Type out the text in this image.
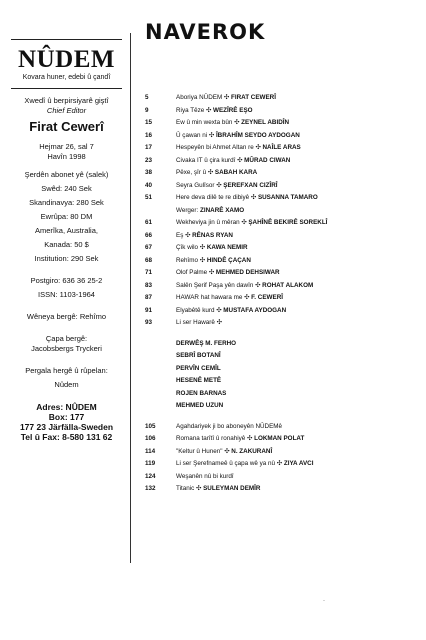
NAVEROK
NÛDEM
Kovara huner, edebi û çandî
Xwedî û berpirsiyarê giştî
Chief Editor
Firat Cewerî
Hejmar 26, sal 7
Havîn 1998
Şerdên abonet yê (salek)
Swêd: 240 Sek
Skandinavya: 280 Sek
Ewrûpa: 80 DM
Amerîka, Australia,
Kanada: 50 $
Institution: 290 Sek
Postgiro: 636 36 25-2
ISSN: 1103-1964
Wêneya bergê: Rehîmo
Çapa bergê:
Jacobsbergs Tryckeri
Pergala hergê û rûpelan:
Nûdem
Adres: NÛDEM
Box: 177
177 23 Järfälla-Sweden
Tel û Fax: 8-580 131 62
5	Aboriya NÛDEM ✣ FIRAT CEWERÎ
9	Riya Têze ✣ WEZÎRÊ EŞO
15	Ew û min wexta bûn ✣ ZEYNEL ABIDÎN
16	Û çawan ni ✣ ÎBRAHÎM SEYDO AYDOGAN
17	Hespeyên bi Ahmet Altan re ✣ NAÎLE ARAS
23	Civaka IT û çira kurdî ✣ MÛRAD CIWAN
38	Pêxe, şîr û ✣ SABAH KARA
40	Seyra Gulîsor ✣ ŞEREFXAN CIZÎRÎ
51	Here deva dilê te re dibiyê ✣ SUSANNA TAMARO
Werger: ZINARÊ XAMO
61	Wekheviya jin û mêran ✣ ŞAHÎNÊ BEKIRÊ SOREKLÎ
66	Eş ✣ RÊNAS RYAN
67	Çîk wilo ✣ KAWA NEMIR
68	Rehîmo ✣ HINDÊ ÇAÇAN
71	Olof Palme ✣ MEHMED DEHSIWAR
83	Salên Şerif Paşa yên dawîn ✣ ROHAT ALAKOM
87	HAWAR hat hawara me ✣ F. CEWERÎ
91	Elyabêtê kurd ✣ MUSTAFA AYDOGAN
93	Li ser Hawarê ✣
DERWÊŞ M. FERHO
SEBRÎ BOTANÎ
PERVÎN CEMÎL
HESENÊ METÊ
ROJEN BARNAS
MEHMED UZUN
105	Agahdariyek ji bo aboneyên NÛDEMê
106	Romana tarîtî û ronahiyê ✣ LOKMAN POLAT
114	"Keltur û Hunen" ✣ N. ZAKURANÎ
119	Li ser Şerefnameê û çapa wê ya nû ✣ ZIYA AVCI
124	Weşanên nû bi kurdî
132	Titanic ✣ SULEYMAN DEMÎR
·
